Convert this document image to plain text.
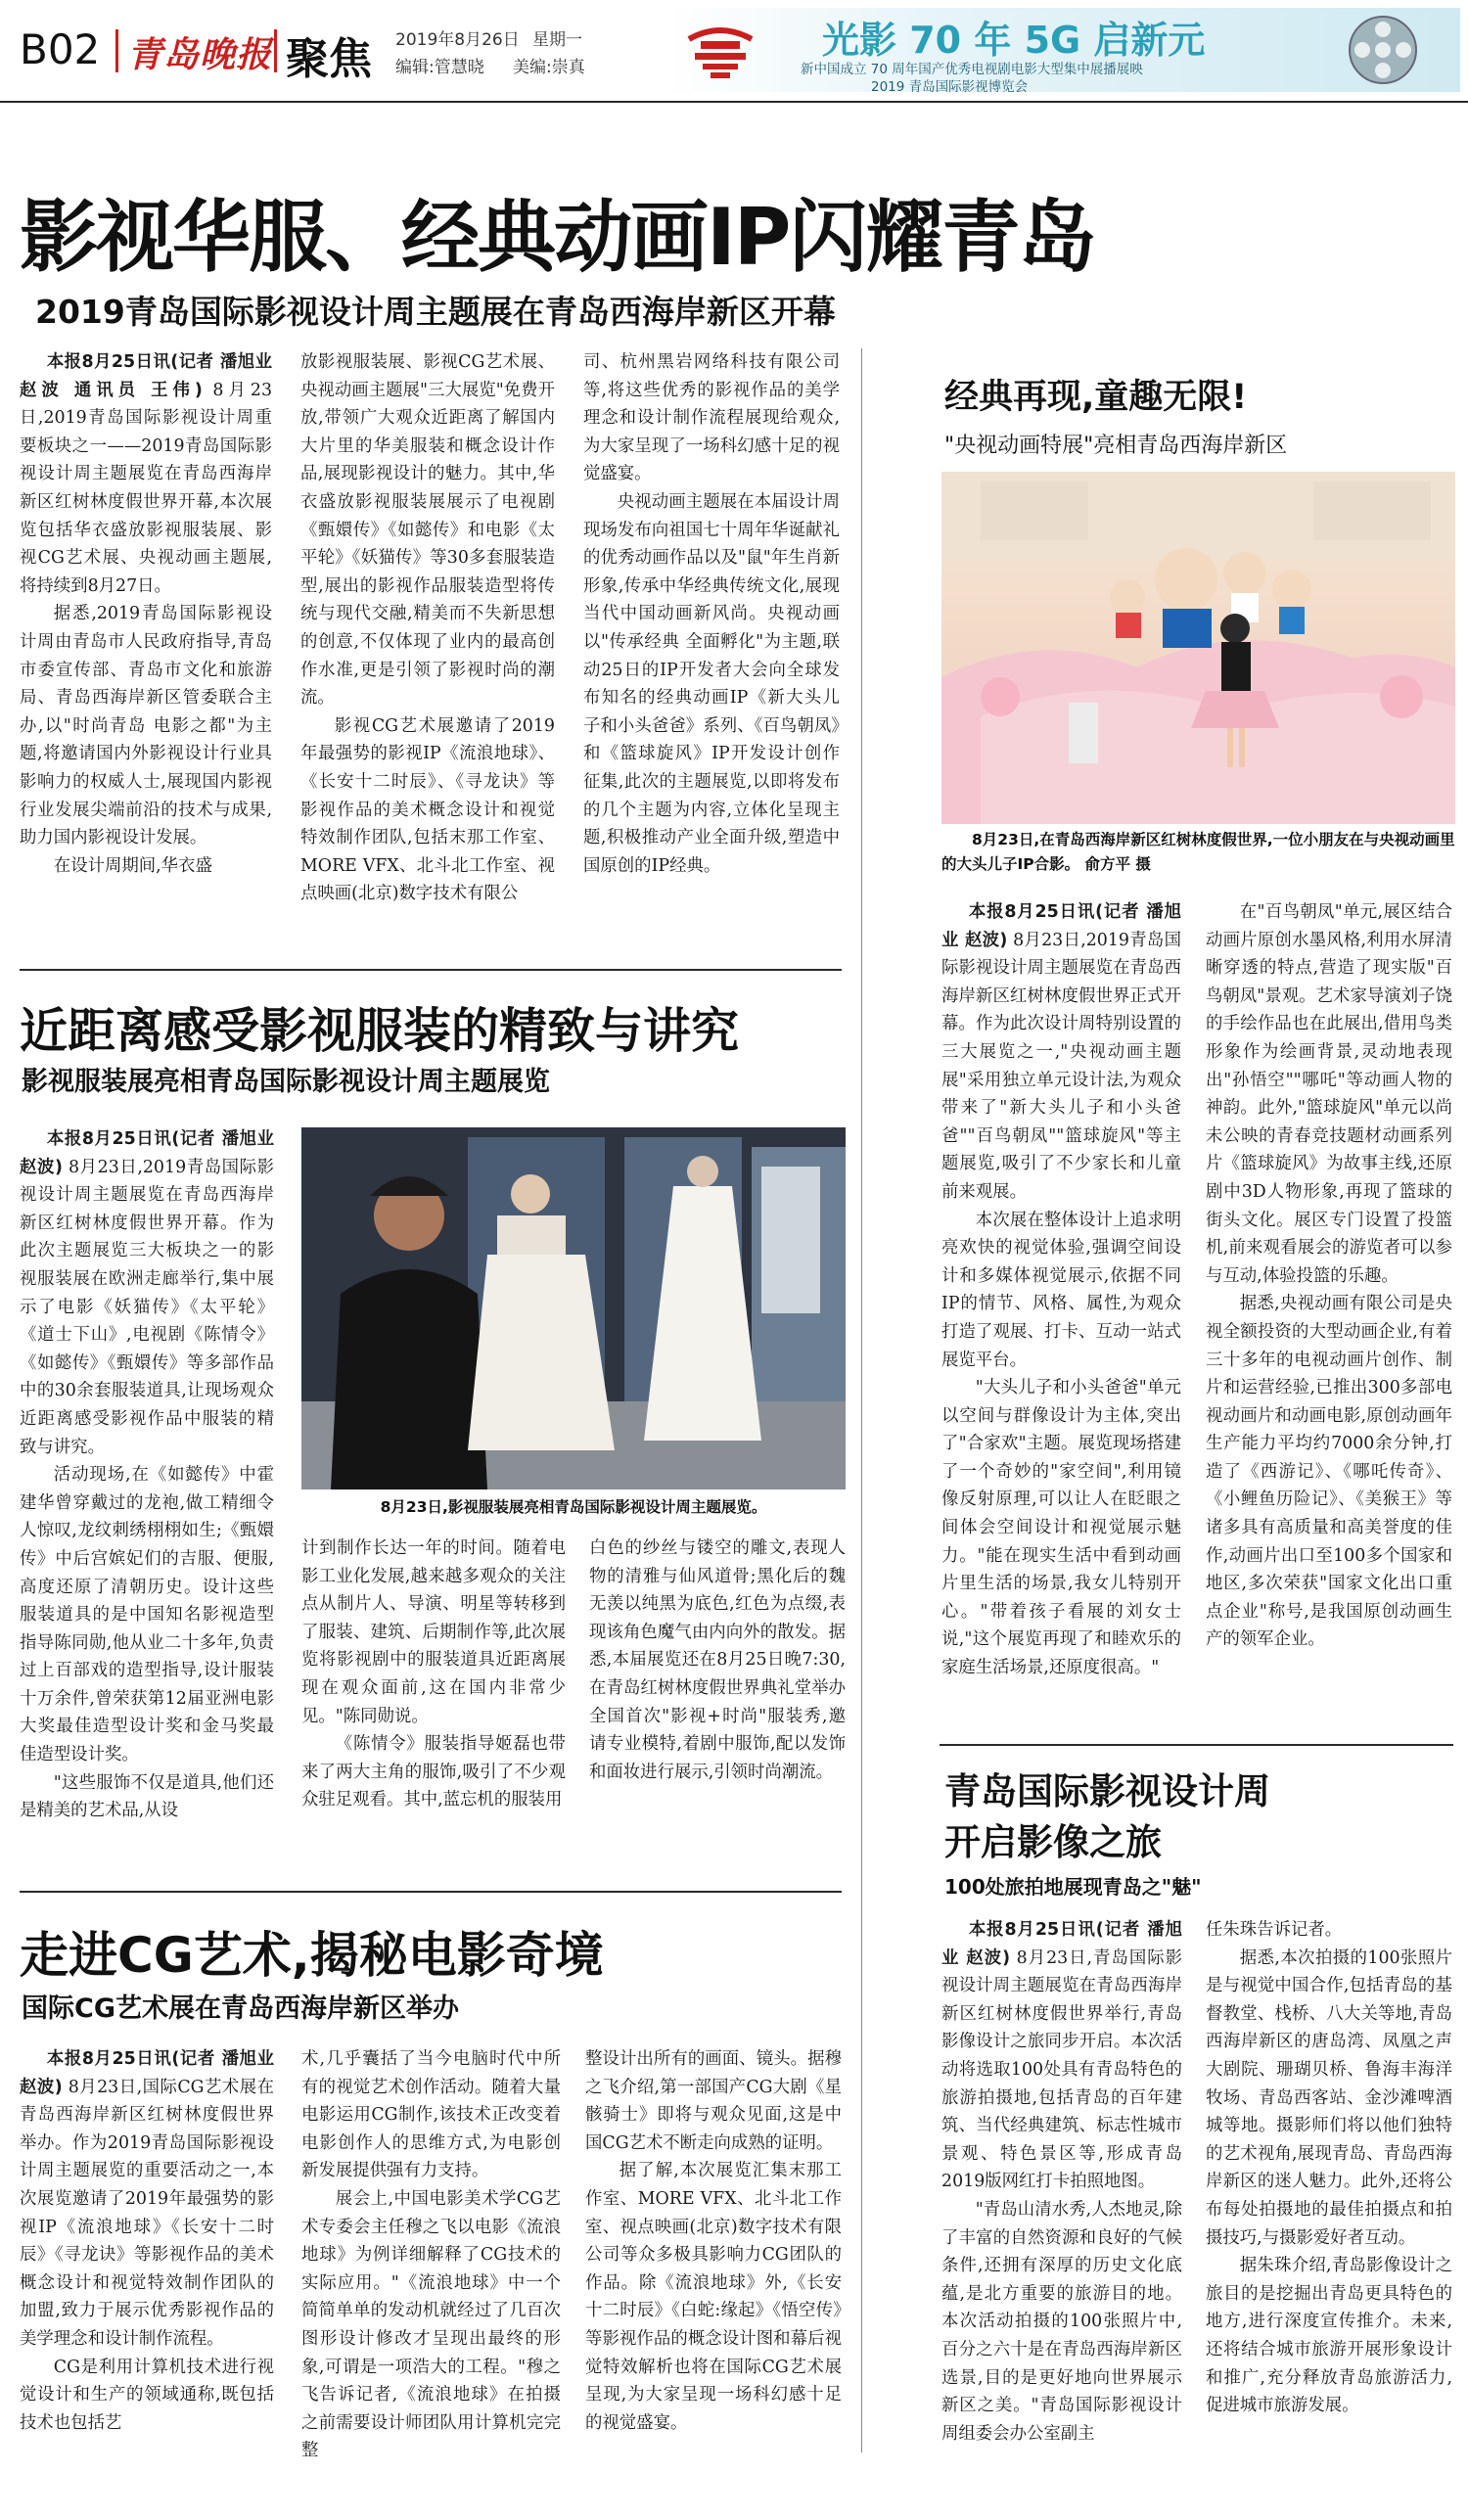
B02 青岛晚报 聚焦 2019年8月26日 星期一
编辑:管慧晓 美编:崇真
光影 70 年 5G 启新元
新中国成立 70 周年国产优秀电视剧电影大型集中展播展映
2019 青岛国际影视博览会
影视华服、经典动画IP闪耀青岛
2019青岛国际影视设计周主题展在青岛西海岸新区开幕

本报8月25日讯(记者 潘旭业 赵波 通讯员 王伟) 8月23日,2019青岛国际影视设计周重要板块之一——2019青岛国际影视设计周主题展览在青岛西海岸新区红树林度假世界开幕,本次展览包括华衣盛放影视服装展、影视CG艺术展、央视动画主题展,将持续到8月27日。

据悉,2019青岛国际影视设计周由青岛市人民政府指导,青岛市委宣传部、青岛市文化和旅游局、青岛西海岸新区管委联合主办,以"时尚青岛 电影之都"为主题,将邀请国内外影视设计行业具影响力的权威人士,展现国内影视行业发展尖端前沿的技术与成果,助力国内影视设计发展。

在设计周期间,华衣盛

放影视服装展、影视CG艺术展、央视动画主题展"三大展览"免费开放,带领广大观众近距离了解国内大片里的华美服装和概念设计作品,展现影视设计的魅力。其中,华衣盛放影视服装展展示了电视剧《甄嬛传》《如懿传》和电影《太平轮》《妖猫传》等30多套服装造型,展出的影视作品服装造型将传统与现代交融,精美而不失新思想的创意,不仅体现了业内的最高创作水准,更是引领了影视时尚的潮流。

影视CG艺术展邀请了2019年最强势的影视IP《流浪地球》、《长安十二时辰》、《寻龙诀》等影视作品的美术概念设计和视觉特效制作团队,包括末那工作室、MORE VFX、北斗北工作室、视点映画(北京)数字技术有限公

司、杭州黑岩网络科技有限公司等,将这些优秀的影视作品的美学理念和设计制作流程展现给观众,为大家呈现了一场科幻感十足的视觉盛宴。

央视动画主题展在本届设计周现场发布向祖国七十周年华诞献礼的优秀动画作品以及"鼠"年生肖新形象,传承中华经典传统文化,展现当代中国动画新风尚。央视动画以"传承经典 全面孵化"为主题,联动25日的IP开发者大会向全球发布知名的经典动画IP《新大头儿子和小头爸爸》系列、《百鸟朝凤》和《篮球旋风》IP开发设计创作征集,此次的主题展览,以即将发布的几个主题为内容,立体化呈现主题,积极推动产业全面升级,塑造中国原创的IP经典。

经典再现,童趣无限!
"央视动画特展"亮相青岛西海岸新区
8月23日,在青岛西海岸新区红树林度假世界,一位小朋友在与央视动画里的大头儿子IP合影。 俞方平 摄

本报8月25日讯(记者 潘旭业 赵波) 8月23日,2019青岛国际影视设计周主题展览在青岛西海岸新区红树林度假世界正式开幕。作为此次设计周特别设置的三大展览之一,"央视动画主题展"采用独立单元设计法,为观众带来了"新大头儿子和小头爸爸""百鸟朝凤""篮球旋风"等主题展览,吸引了不少家长和儿童前来观展。

本次展在整体设计上追求明亮欢快的视觉体验,强调空间设计和多媒体视觉展示,依据不同IP的情节、风格、属性,为观众打造了观展、打卡、互动一站式展览平台。

"大头儿子和小头爸爸"单元以空间与群像设计为主体,突出了"合家欢"主题。展览现场搭建了一个奇妙的"家空间",利用镜像反射原理,可以让人在眨眼之间体会空间设计和视觉展示魅力。"能在现实生活中看到动画片里生活的场景,我女儿特别开心。"带着孩子看展的刘女士说,"这个展览再现了和睦欢乐的家庭生活场景,还原度很高。"

在"百鸟朝凤"单元,展区结合动画片原创水墨风格,利用水屏清晰穿透的特点,营造了现实版"百鸟朝凤"景观。艺术家导演刘子饶的手绘作品也在此展出,借用鸟类形象作为绘画背景,灵动地表现出"孙悟空""哪吒"等动画人物的神韵。此外,"篮球旋风"单元以尚未公映的青春竞技题材动画系列片《篮球旋风》为故事主线,还原剧中3D人物形象,再现了篮球的街头文化。展区专门设置了投篮机,前来观看展会的游览者可以参与互动,体验投篮的乐趣。

据悉,央视动画有限公司是央视全额投资的大型动画企业,有着三十多年的电视动画片创作、制片和运营经验,已推出300多部电视动画片和动画电影,原创动画年生产能力平均约7000余分钟,打造了《西游记》、《哪吒传奇》、《小鲤鱼历险记》、《美猴王》等诸多具有高质量和高美誉度的佳作,动画片出口至100多个国家和地区,多次荣获"国家文化出口重点企业"称号,是我国原创动画生产的领军企业。

近距离感受影视服装的精致与讲究
影视服装展亮相青岛国际影视设计周主题展览

本报8月25日讯(记者 潘旭业 赵波) 8月23日,2019青岛国际影视设计周主题展览在青岛西海岸新区红树林度假世界开幕。作为此次主题展览三大板块之一的影视服装展在欧洲走廊举行,集中展示了电影《妖猫传》《太平轮》《道士下山》,电视剧《陈情令》《如懿传》《甄嬛传》等多部作品中的30余套服装道具,让现场观众近距离感受影视作品中服装的精致与讲究。

活动现场,在《如懿传》中霍建华曾穿戴过的龙袍,做工精细令人惊叹,龙纹刺绣栩栩如生;《甄嬛传》中后宫嫔妃们的吉服、便服,高度还原了清朝历史。设计这些服装道具的是中国知名影视造型指导陈同勋,他从业二十多年,负责过上百部戏的造型指导,设计服装十万余件,曾荣获第12届亚洲电影大奖最佳造型设计奖和金马奖最佳造型设计奖。

"这些服饰不仅是道具,他们还是精美的艺术品,从设

8月23日,影视服装展亮相青岛国际影视设计周主题展览。

计到制作长达一年的时间。随着电影工业化发展,越来越多观众的关注点从制片人、导演、明星等转移到了服装、建筑、后期制作等,此次展览将影视剧中的服装道具近距离展现在观众面前,这在国内非常少见。"陈同勋说。

《陈情令》服装指导姬磊也带来了两大主角的服饰,吸引了不少观众驻足观看。其中,蓝忘机的服装用

白色的纱丝与镂空的雕文,表现人物的清雅与仙风道骨;黑化后的魏无羡以纯黑为底色,红色为点缀,表现该角色魔气由内向外的散发。据悉,本届展览还在8月25日晚7:30,在青岛红树林度假世界典礼堂举办全国首次"影视+时尚"服装秀,邀请专业模特,着剧中服饰,配以发饰和面妆进行展示,引领时尚潮流。	青岛国际影视设计周
开启影像之旅
100处旅拍地展现青岛之"魅"

本报8月25日讯(记者 潘旭业 赵波) 8月23日,青岛国际影视设计周主题展览在青岛西海岸新区红树林度假世界举行,青岛影像设计之旅同步开启。本次活动将选取100处具有青岛特色的旅游拍摄地,包括青岛的百年建筑、当代经典建筑、标志性城市景观、特色景区等,形成青岛2019版网红打卡拍照地图。

"青岛山清水秀,人杰地灵,除了丰富的自然资源和良好的气候条件,还拥有深厚的历史文化底蕴,是北方重要的旅游目的地。本次活动拍摄的100张照片中,百分之六十是在青岛西海岸新区选景,目的是更好地向世界展示新区之美。"青岛国际影视设计周组委会办公室副主

任朱珠告诉记者。

据悉,本次拍摄的100张照片是与视觉中国合作,包括青岛的基督教堂、栈桥、八大关等地,青岛西海岸新区的唐岛湾、凤凰之声大剧院、珊瑚贝桥、鲁海丰海洋牧场、青岛西客站、金沙滩啤酒城等地。摄影师们将以他们独特的艺术视角,展现青岛、青岛西海岸新区的迷人魅力。此外,还将公布每处拍摄地的最佳拍摄点和拍摄技巧,与摄影爱好者互动。

据朱珠介绍,青岛影像设计之旅目的是挖掘出青岛更具特色的地方,进行深度宣传推介。未来,还将结合城市旅游开展形象设计和推广,充分释放青岛旅游活力,促进城市旅游发展。

走进CG艺术,揭秘电影奇境
国际CG艺术展在青岛西海岸新区举办

本报8月25日讯(记者 潘旭业 赵波) 8月23日,国际CG艺术展在青岛西海岸新区红树林度假世界举办。作为2019青岛国际影视设计周主题展览的重要活动之一,本次展览邀请了2019年最强势的影视IP《流浪地球》《长安十二时辰》《寻龙诀》等影视作品的美术概念设计和视觉特效制作团队的加盟,致力于展示优秀影视作品的美学理念和设计制作流程。

CG是利用计算机技术进行视觉设计和生产的领域通称,既包括技术也包括艺

术,几乎囊括了当今电脑时代中所有的视觉艺术创作活动。随着大量电影运用CG制作,该技术正改变着电影创作人的思维方式,为电影创新发展提供强有力支持。

展会上,中国电影美术学CG艺术专委会主任穆之飞以电影《流浪地球》为例详细解释了CG技术的实际应用。"《流浪地球》中一个简简单单的发动机就经过了几百次图形设计修改才呈现出最终的形象,可谓是一项浩大的工程。"穆之飞告诉记者,《流浪地球》在拍摄之前需要设计师团队用计算机完完整

整设计出所有的画面、镜头。据穆之飞介绍,第一部国产CG大剧《星骸骑士》即将与观众见面,这是中国CG艺术不断走向成熟的证明。

据了解,本次展览汇集末那工作室、MORE VFX、北斗北工作室、视点映画(北京)数字技术有限公司等众多极具影响力CG团队的作品。除《流浪地球》外,《长安十二时辰》《白蛇:缘起》《悟空传》等影视作品的概念设计图和幕后视觉特效解析也将在国际CG艺术展呈现,为大家呈现一场科幻感十足的视觉盛宴。
